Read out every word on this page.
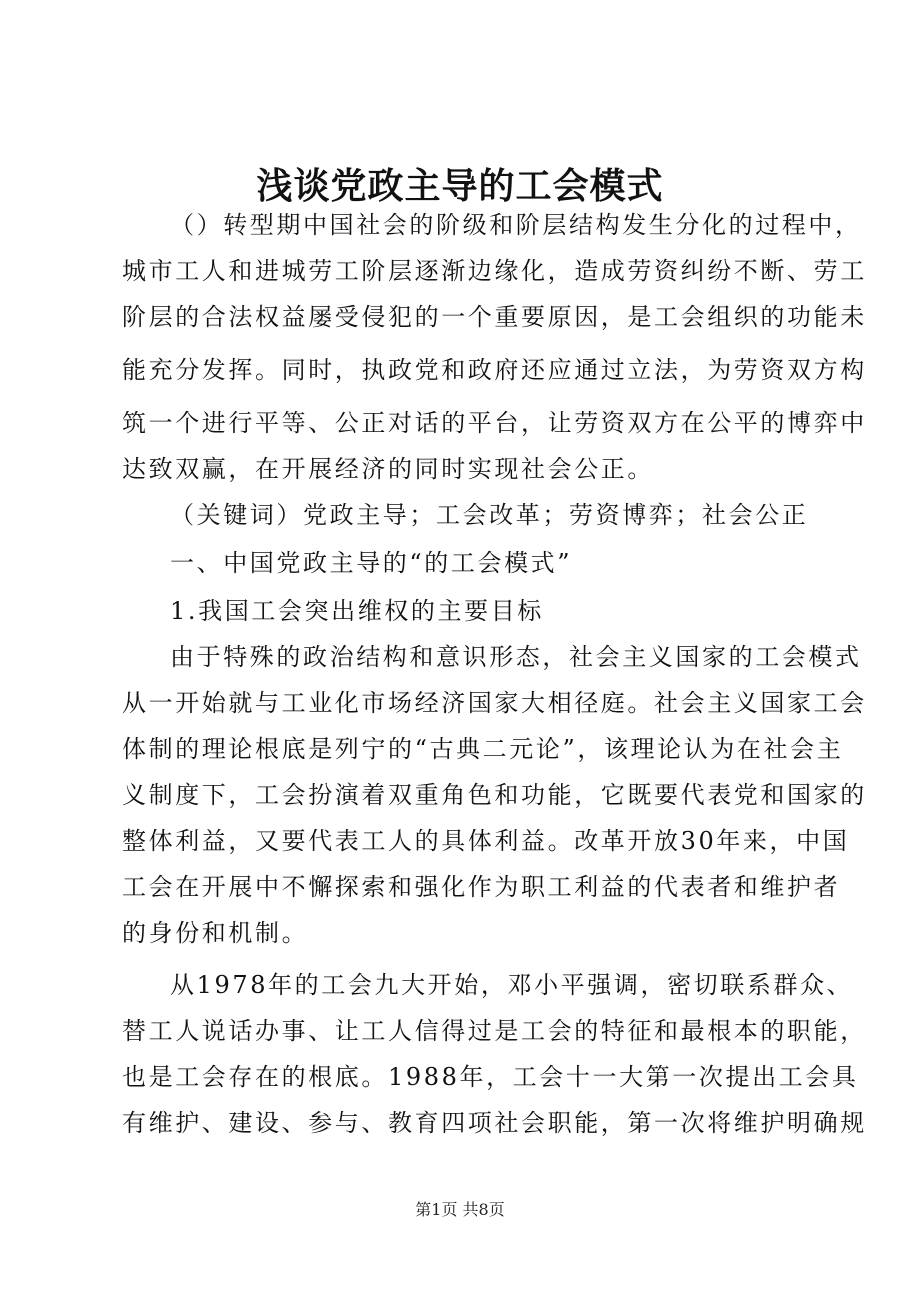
浅谈党政主导的工会模式
（）转型期中国社会的阶级和阶层结构发生分化的过程中，
城市工人和进城劳工阶层逐渐边缘化，造成劳资纠纷不断、劳工
阶层的合法权益屡受侵犯的一个重要原因，是工会组织的功能未
能充分发挥。同时，执政党和政府还应通过立法，为劳资双方构
筑一个进行平等、公正对话的平台，让劳资双方在公平的博弈中
达致双赢，在开展经济的同时实现社会公正。
（关键词）党政主导；工会改革；劳资博弈；社会公正
一、中国党政主导的“的工会模式”
1.我国工会突出维权的主要目标
由于特殊的政治结构和意识形态，社会主义国家的工会模式
从一开始就与工业化市场经济国家大相径庭。社会主义国家工会
体制的理论根底是列宁的“古典二元论”，该理论认为在社会主
义制度下，工会扮演着双重角色和功能，它既要代表党和国家的
整体利益，又要代表工人的具体利益。改革开放30年来，中国
工会在开展中不懈探索和强化作为职工利益的代表者和维护者
的身份和机制。
从1978年的工会九大开始，邓小平强调，密切联系群众、
替工人说话办事、让工人信得过是工会的特征和最根本的职能，
也是工会存在的根底。1988年，工会十一大第一次提出工会具
有维护、建设、参与、教育四项社会职能，第一次将维护明确规
第1页 共8页
